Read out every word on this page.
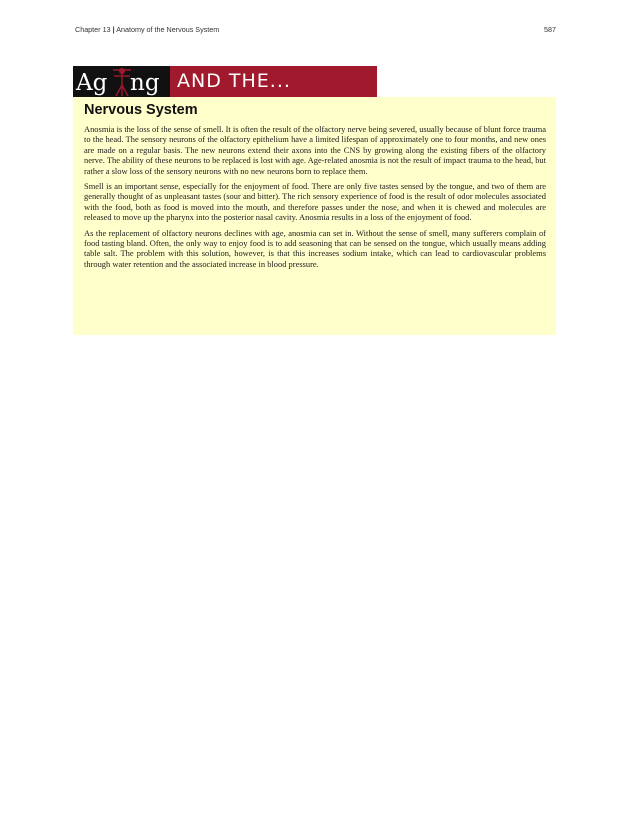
Chapter 13 | Anatomy of the Nervous System	587
Ag ng AND THE...
Nervous System

Anosmia is the loss of the sense of smell. It is often the result of the olfactory nerve being severed, usually because of blunt force trauma to the head. The sensory neurons of the olfactory epithelium have a limited lifespan of approximately one to four months, and new ones are made on a regular basis. The new neurons extend their axons into the CNS by growing along the existing fibers of the olfactory nerve. The ability of these neurons to be replaced is lost with age. Age-related anosmia is not the result of impact trauma to the head, but rather a slow loss of the sensory neurons with no new neurons born to replace them.

Smell is an important sense, especially for the enjoyment of food. There are only five tastes sensed by the tongue, and two of them are generally thought of as unpleasant tastes (sour and bitter). The rich sensory experience of food is the result of odor molecules associated with the food, both as food is moved into the mouth, and therefore passes under the nose, and when it is chewed and molecules are released to move up the pharynx into the posterior nasal cavity. Anosmia results in a loss of the enjoyment of food.

As the replacement of olfactory neurons declines with age, anosmia can set in. Without the sense of smell, many sufferers complain of food tasting bland. Often, the only way to enjoy food is to add seasoning that can be sensed on the tongue, which usually means adding table salt. The problem with this solution, however, is that this increases sodium intake, which can lead to cardiovascular problems through water retention and the associated increase in blood pressure.
